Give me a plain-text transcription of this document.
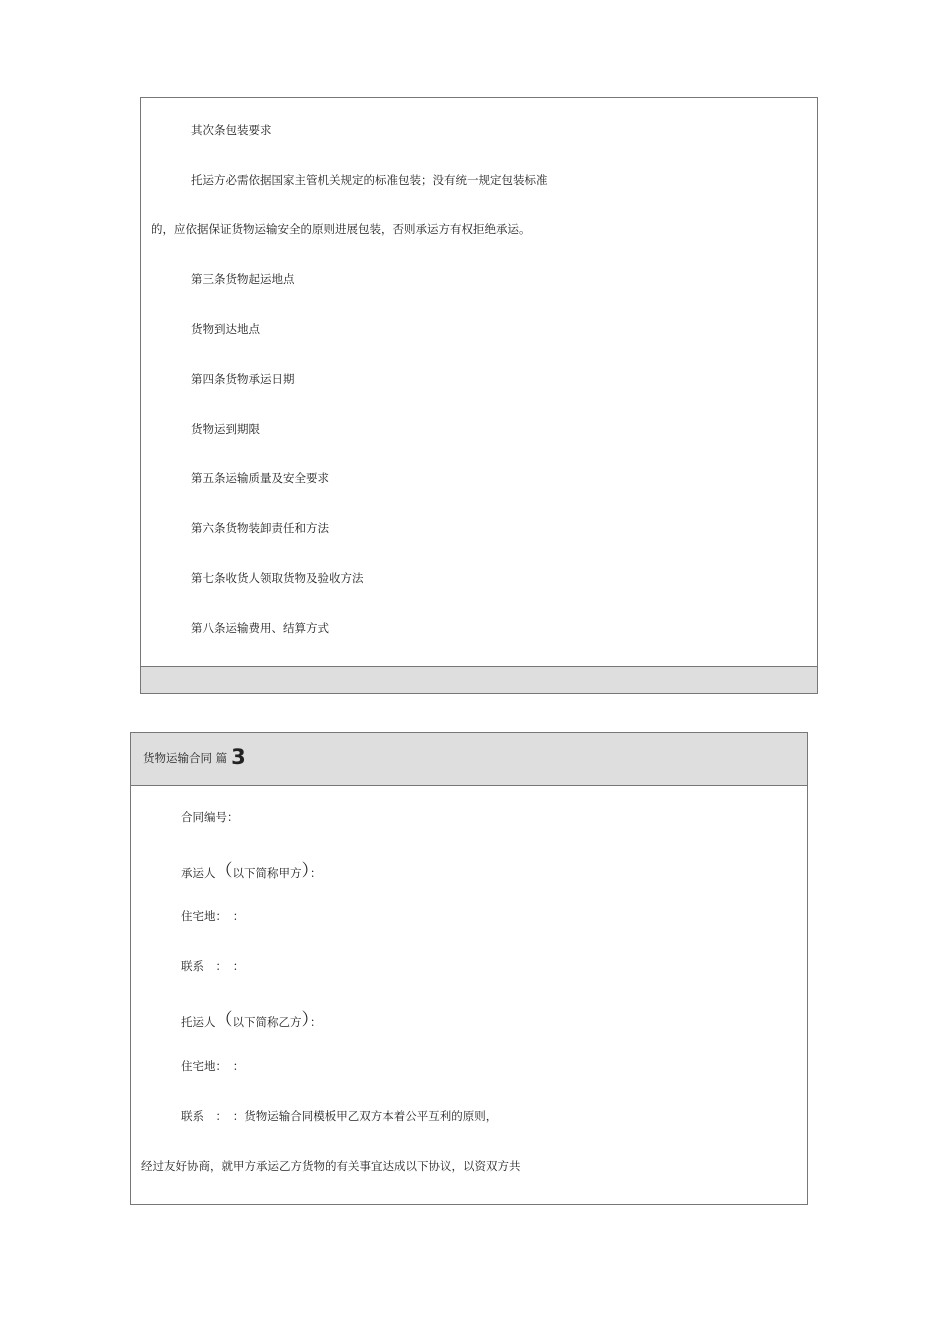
其次条包装要求
托运方必需依据国家主管机关规定的标准包装；没有统一规定包装标准
的，应依据保证货物运输安全的原则进展包装，否则承运方有权拒绝承运。
第三条货物起运地点
货物到达地点
第四条货物承运日期
货物运到期限
第五条运输质量及安全要求
第六条货物装卸责任和方法
第七条收货人领取货物及验收方法
第八条运输费用、结算方式
货物运输合同 篇 3
合同编号：
承运人（以下简称甲方）：
住宅地：　：
联系　：　：
托运人（以下简称乙方）：
住宅地：　：
联系　：　：货物运输合同模板甲乙双方本着公平互利的原则，
经过友好协商，就甲方承运乙方货物的有关事宜达成以下协议，以资双方共
